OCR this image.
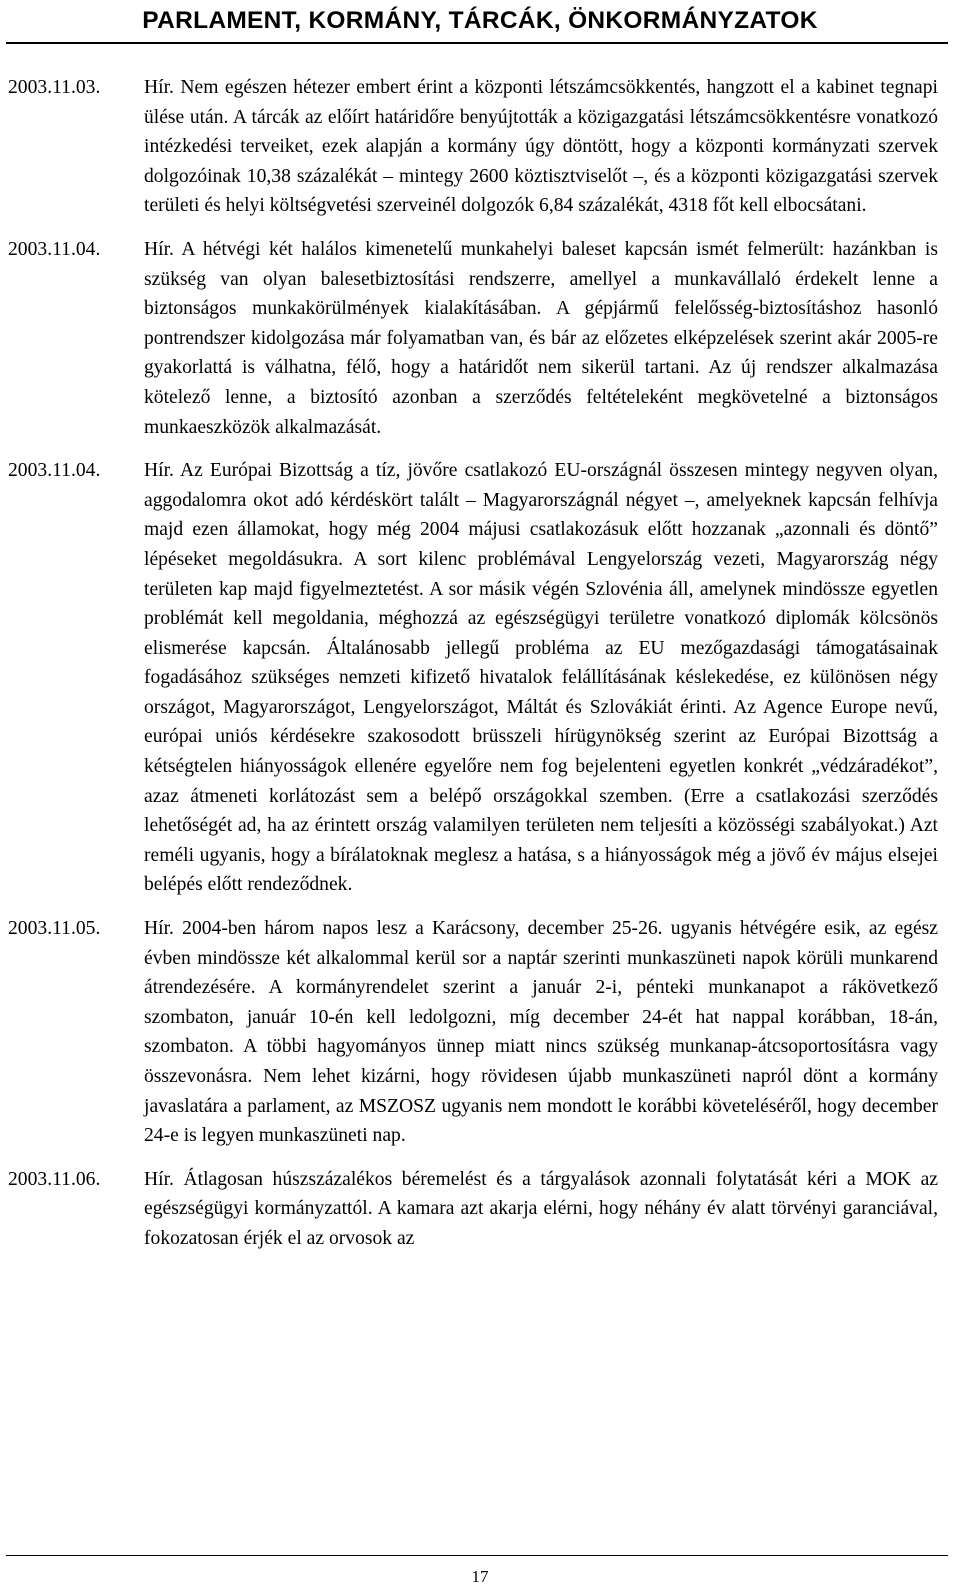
PARLAMENT, KORMÁNY, TÁRCÁK, ÖNKORMÁNYZATOK
2003.11.03.	Hír. Nem egészen hétezer embert érint a központi létszámcsökkentés, hangzott el a kabinet tegnapi ülése után. A tárcák az előírt határidőre benyújtották a közigazgatási létszámcsökkentésre vonatkozó intézkedési terveiket, ezek alapján a kormány úgy döntött, hogy a központi kormányzati szervek dolgozóinak 10,38 százalékát – mintegy 2600 köztisztviselőt –, és a központi közigazgatási szervek területi és helyi költségvetési szerveinél dolgozók 6,84 százalékát, 4318 főt kell elbocsátani.
2003.11.04.	Hír. A hétvégi két halálos kimenetelű munkahelyi baleset kapcsán ismét felmerült: hazánkban is szükség van olyan balesetbiztosítási rendszerre, amellyel a munkavállaló érdekelt lenne a biztonságos munkakörülmények kialakításában. A gépjármű felelősség-biztosításhoz hasonló pontrendszer kidolgozása már folyamatban van, és bár az előzetes elképzelések szerint akár 2005-re gyakorlattá is válhatna, félő, hogy a határidőt nem sikerül tartani. Az új rendszer alkalmazása kötelező lenne, a biztosító azonban a szerződés feltételeként megkövetelné a biztonságos munkaeszközök alkalmazását.
2003.11.04.	Hír. Az Európai Bizottság a tíz, jövőre csatlakozó EU-országnál összesen mintegy negyven olyan, aggodalomra okot adó kérdéskört talált – Magyarországnál négyet –, amelyeknek kapcsán felhívja majd ezen államokat, hogy még 2004 májusi csatlakozásuk előtt hozzanak „azonnali és döntő” lépéseket megoldásukra. A sort kilenc problémával Lengyelország vezeti, Magyarország négy területen kap majd figyelmeztetést. A sor másik végén Szlovénia áll, amelynek mindössze egyetlen problémát kell megoldania, méghozzá az egészségügyi területre vonatkozó diplomák kölcsönös elismerése kapcsán. Általánosabb jellegű probléma az EU mezőgazdasági támogatásainak fogadásához szükséges nemzeti kifizető hivatalok felállításának késlekedése, ez különösen négy országot, Magyarországot, Lengyelországot, Máltát és Szlovákiát érinti. Az Agence Europe nevű, európai uniós kérdésekre szakosodott brüsszeli hírügynökség szerint az Európai Bizottság a kétségtelen hiányosságok ellenére egyelőre nem fog bejelenteni egyetlen konkrét „védzáradékot”, azaz átmeneti korlátozást sem a belépő országokkal szemben. (Erre a csatlakozási szerződés lehetőségét ad, ha az érintett ország valamilyen területen nem teljesíti a közösségi szabályokat.) Azt reméli ugyanis, hogy a bírálatoknak meglesz a hatása, s a hiányosságok még a jövő év május elsejei belépés előtt rendeződnek.
2003.11.05.	Hír. 2004-ben három napos lesz a Karácsony, december 25-26. ugyanis hétvégére esik, az egész évben mindössze két alkalommal kerül sor a naptár szerinti munkaszüneti napok körüli munkarend átrendezésére. A kormányrendelet szerint a január 2-i, pénteki munkanapot a rákövetkező szombaton, január 10-én kell ledolgozni, míg december 24-ét hat nappal korábban, 18-án, szombaton. A többi hagyományos ünnep miatt nincs szükség munkanap-átcsoportosításra vagy összevonásra. Nem lehet kizárni, hogy rövidesen újabb munkaszüneti napról dönt a kormány javaslatára a parlament, az MSZOSZ ugyanis nem mondott le korábbi követeléséről, hogy december 24-e is legyen munkaszüneti nap.
2003.11.06.	Hír. Átlagosan húszszázalékos béremelést és a tárgyalások azonnali folytatását kéri a MOK az egészségügyi kormányzattól. A kamara azt akarja elérni, hogy néhány év alatt törvényi garanciával, fokozatosan érjék el az orvosok az
17
